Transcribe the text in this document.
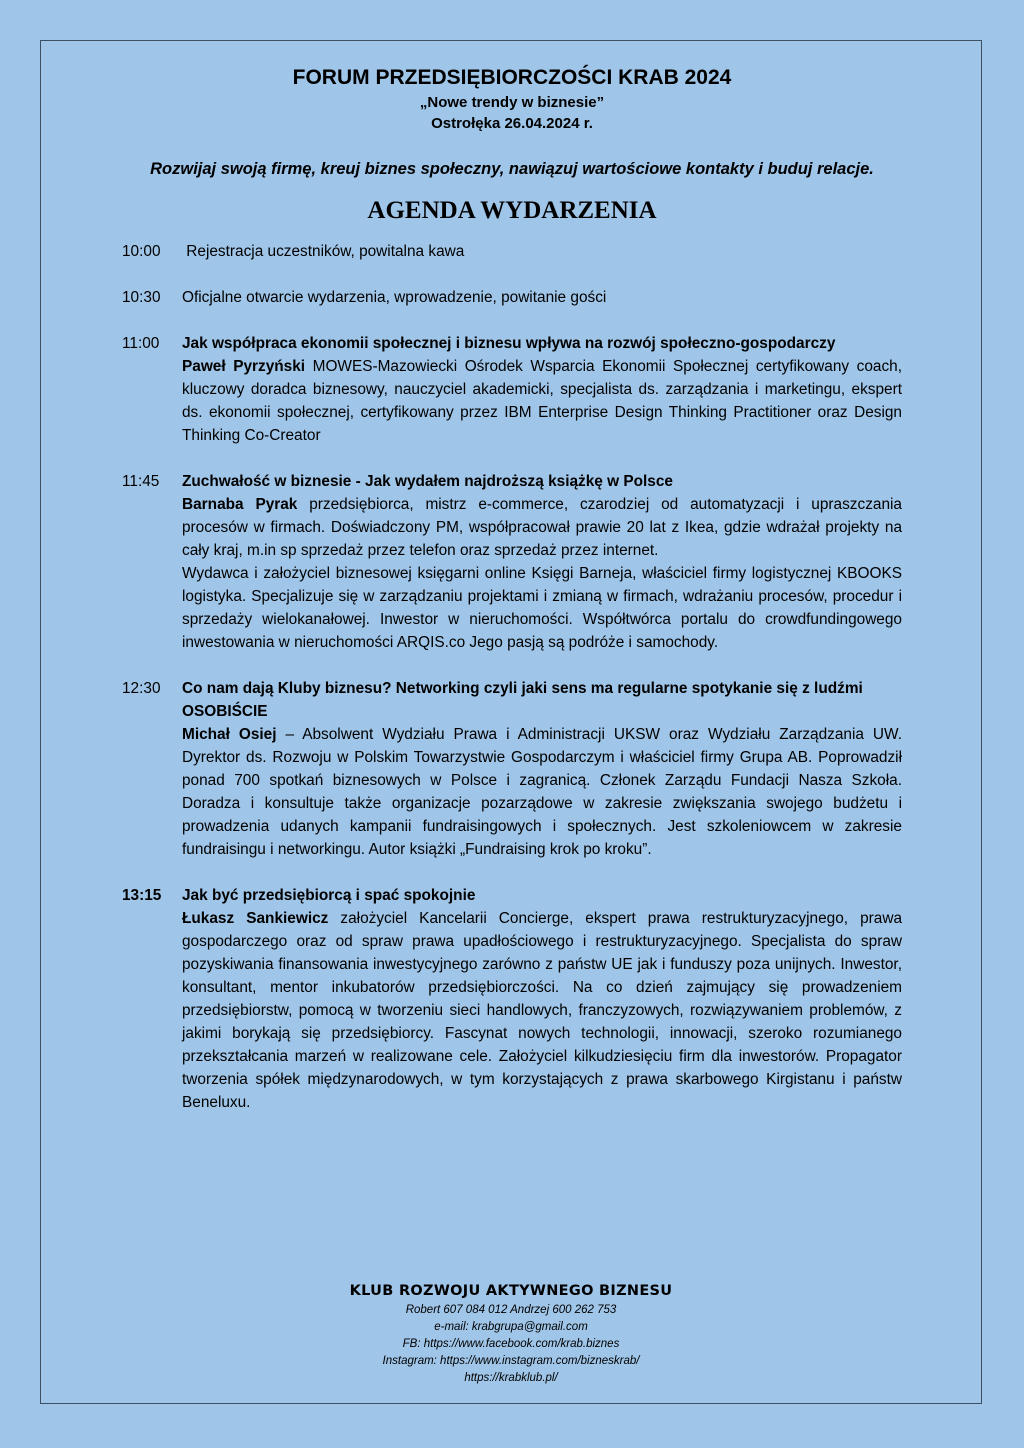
FORUM PRZEDSIĘBIORCZOŚCI KRAB 2024

„Nowe trendy w biznesie”

Ostrołęka 26.04.2024 r.

Rozwijaj swoją firmę, kreuj biznes społeczny, nawiązuj wartościowe kontakty i buduj relacje.

AGENDA WYDARZENIA

10:00	Rejestracja uczestników, powitalna kawa
10:30	Oficjalne otwarcie wydarzenia, wprowadzenie, powitanie gości
11:00	Jak współpraca ekonomii społecznej i biznesu wpływa na rozwój społeczno-gospodarczy
Paweł Pyrzyński MOWES-Mazowiecki Ośrodek Wsparcia Ekonomii Społecznej certyfikowany coach, kluczowy doradca biznesowy, nauczyciel akademicki, specjalista ds. zarządzania i marketingu, ekspert ds. ekonomii społecznej, certyfikowany przez IBM Enterprise Design Thinking Practitioner oraz Design Thinking Co-Creator
11:45	Zuchwałość w biznesie - Jak wydałem najdroższą książkę w Polsce
Barnaba Pyrak przedsiębiorca, mistrz e-commerce, czarodziej od automatyzacji i upraszczania procesów w firmach. Doświadczony PM, współpracował prawie 20 lat z Ikea, gdzie wdrażał projekty na cały kraj, m.in sp sprzedaż przez telefon oraz sprzedaż przez internet.
Wydawca i założyciel biznesowej księgarni online Księgi Barneja, właściciel firmy logistycznej KBOOKS logistyka. Specjalizuje się w zarządzaniu projektami i zmianą w firmach, wdrażaniu procesów, procedur i sprzedaży wielokanałowej. Inwestor w nieruchomości. Współtwórca portalu do crowdfundingowego inwestowania w nieruchomości ARQIS.co Jego pasją są podróże i samochody.
12:30	Co nam dają Kluby biznesu? Networking czyli jaki sens ma regularne spotykanie się z ludźmi OSOBIŚCIE
Michał Osiej – Absolwent Wydziału Prawa i Administracji UKSW oraz Wydziału Zarządzania UW. Dyrektor ds. Rozwoju w Polskim Towarzystwie Gospodarczym i właściciel firmy Grupa AB. Poprowadził ponad 700 spotkań biznesowych w Polsce i zagranicą. Członek Zarządu Fundacji Nasza Szkoła. Doradza i konsultuje także organizacje pozarządowe w zakresie zwiększania swojego budżetu i prowadzenia udanych kampanii fundraisingowych i społecznych. Jest szkoleniowcem w zakresie fundraisingu i networkingu. Autor książki „Fundraising krok po kroku”.
13:15	Jak być przedsiębiorcą i spać spokojnie
Łukasz Sankiewicz założyciel Kancelarii Concierge, ekspert prawa restrukturyzacyjnego, prawa gospodarczego oraz od spraw prawa upadłościowego i restrukturyzacyjnego. Specjalista do spraw pozyskiwania finansowania inwestycyjnego zarówno z państw UE jak i funduszy poza unijnych. Inwestor, konsultant, mentor inkubatorów przedsiębiorczości. Na co dzień zajmujący się prowadzeniem przedsiębiorstw, pomocą w tworzeniu sieci handlowych, franczyzowych, rozwiązywaniem problemów, z jakimi borykają się przedsiębiorcy. Fascynat nowych technologii, innowacji, szeroko rozumianego przekształcania marzeń w realizowane cele. Założyciel kilkudziesięciu firm dla inwestorów. Propagator tworzenia spółek międzynarodowych, w tym korzystających z prawa skarbowego Kirgistanu i państw Beneluxu.
KLUB ROZWOJU AKTYWNEGO BIZNESU
Robert 607 084 012 Andrzej 600 262 753
e-mail: krabgrupa@gmail.com
FB: https://www.facebook.com/krab.biznes
Instagram: https://www.instagram.com/bizneskrab/
https://krabklub.pl/
